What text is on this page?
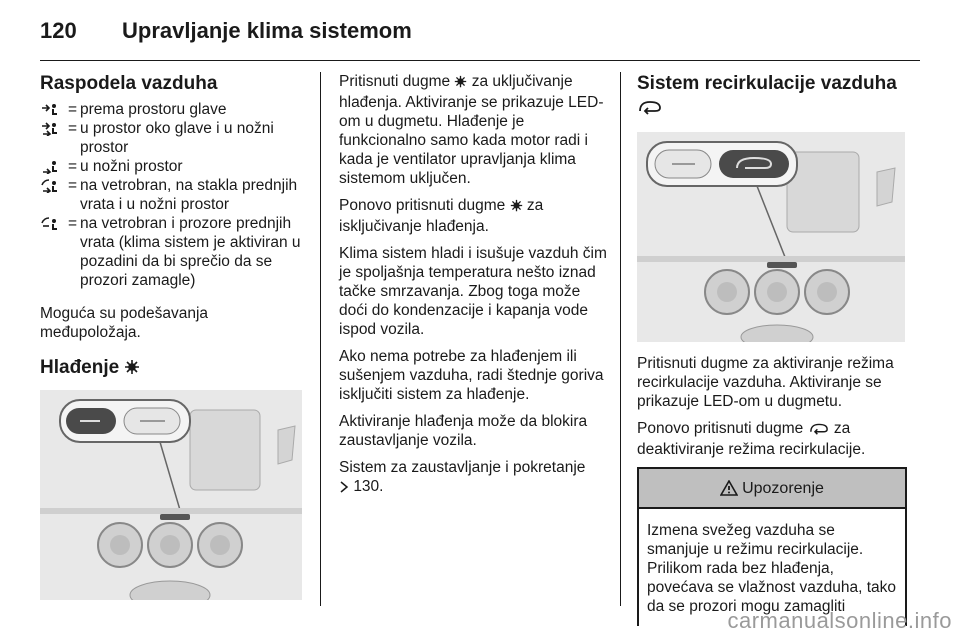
120 Upravljanje klima sistemom
Raspodela vazduha
= prema prostoru glave
= u prostor oko glave i u nožni prostor
= u nožni prostor
= na vetrobran, na stakla prednjih vrata i u nožni prostor
= na vetrobran i prozore prednjih vrata (klima sistem je aktiviran u pozadini da bi sprečio da se prozori zamagle)

Moguća su podešavanja međupoložaja.

Hlađenje

Pritisnuti dugme  za uključivanje hlađenja. Aktiviranje se prikazuje LED-om u dugmetu. Hlađenje je funkcionalno samo kada motor radi i kada je ventilator upravljanja klima sistemom uključen.

Ponovo pritisnuti dugme  za isključivanje hlađenja.

Klima sistem hladi i isušuje vazduh čim je spoljašnja temperatura nešto iznad tačke smrzavanja. Zbog toga može doći do kondenzacije i kapanja vode ispod vozila.

Ako nema potrebe za hlađenjem ili sušenjem vazduha, radi štednje goriva isključiti sistem za hlađenje.

Aktiviranje hlađenja može da blokira zaustavljanje vozila.

Sistem za zaustavljanje i pokretanje
130.

Sistem recirkulacije vazduha

Pritisnuti dugme za aktiviranje režima recirkulacije vazduha. Aktiviranje se prikazuje LED-om u dugmetu.

Ponovo pritisnuti dugme  za deaktiviranje režima recirkulacije.

Upozorenje
Izmena svežeg vazduha se smanjuje u režimu recirkulacije. Prilikom rada bez hlađenja, povećava se vlažnost vazduha, tako da se prozori mogu zamagliti
carmanualsonline.info
